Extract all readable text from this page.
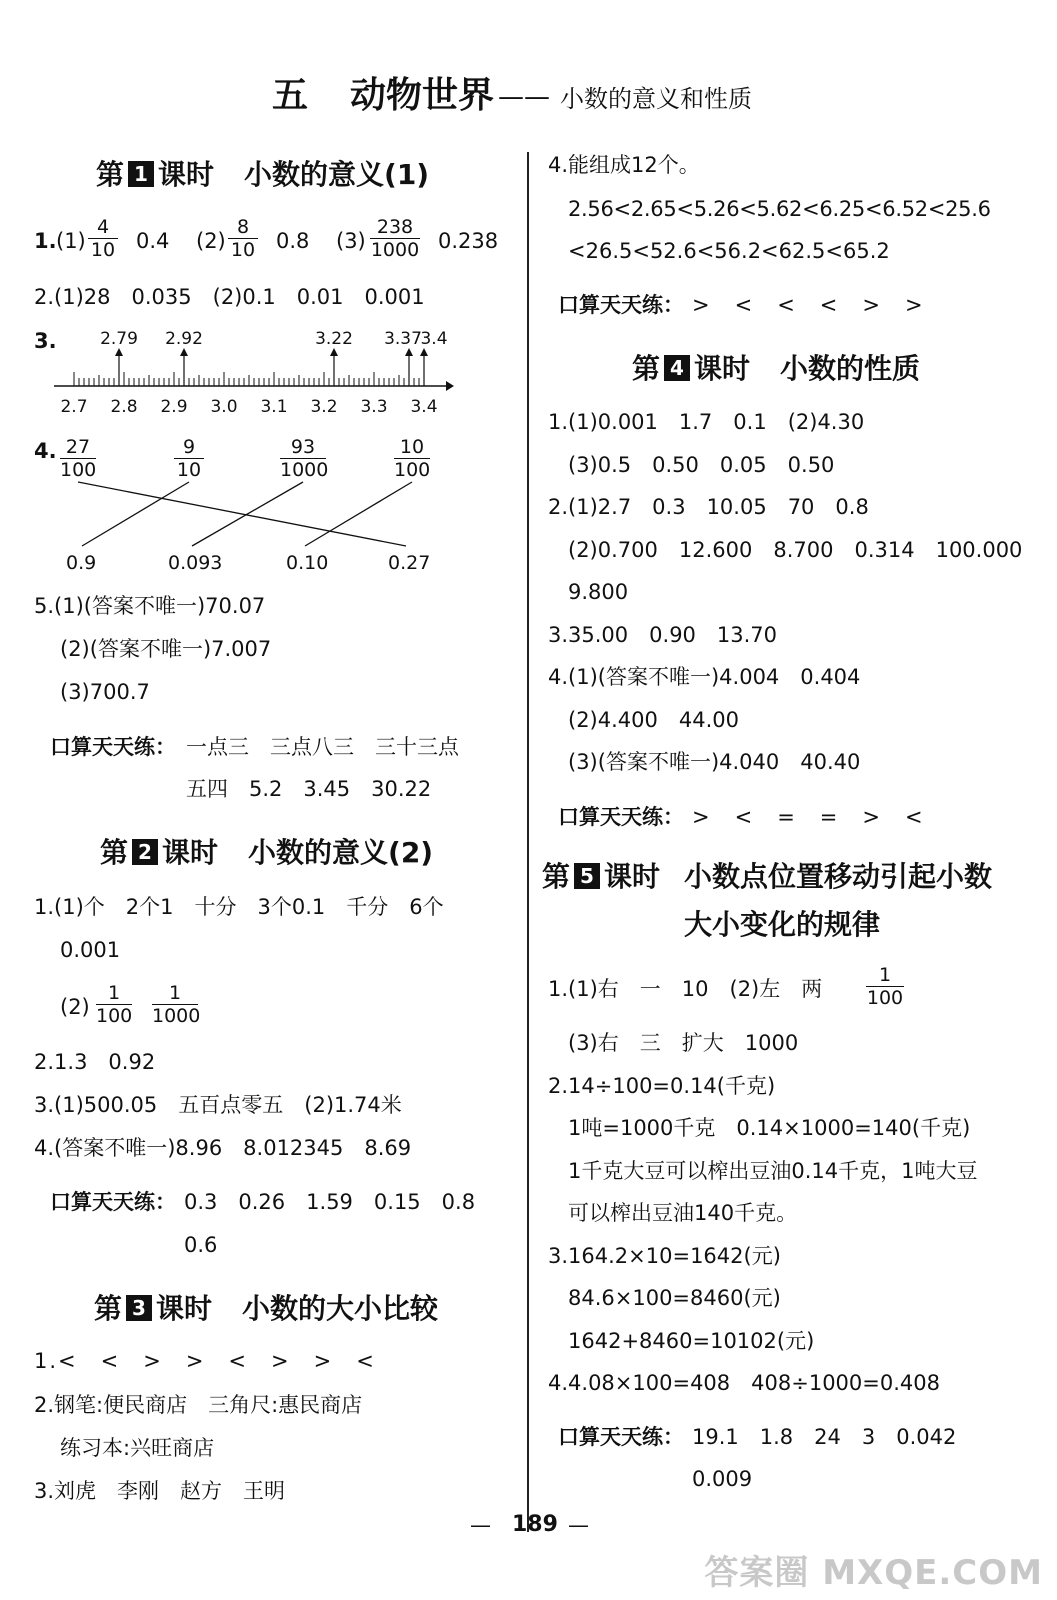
五 动物世界 —— 小数的意义和性质
第 1 课时 小数的意义(1)
1. (1)
4
10 0.4 (2)
8
10 0.8 (3)
238
1000 0.238
2.(1)28　0.035　(2)0.1　0.01　0.001
3.
2.7 2.8 2.9 3.0 3.1 3.2 3.3 3.4
2.79 2.92	3.22 3.37
3.4
4. 27
100
9
10
93
1000
10
100
0.9	0.093	0.10	0.27
5.(1)(答案不唯一)70.07
(2)(答案不唯一)7.007
(3)700.7
口算天天练： 一点三　三点八三　三十三点
五四　5.2　3.45　30.22
第 2 课时 小数的意义(2)
1.(1)个　2个1　十分　3个0.1　千分　6个
0.001
(2)
1
100
1
1000
2.1.3　0.92
3.(1)500.05　五百点零五　(2)1.74米
4.(答案不唯一)8.96　8.012345　8.69
口算天天练： 0.3　0.26　1.59　0.15　0.8
0.6
第 3 课时 小数的大小比较
1.<　<　>　>　<　>　>　<
2.钢笔:便民商店　三角尺:惠民商店
练习本:兴旺商店
3.刘虎　李刚　赵方　王明
4.能组成12个。
2.56<2.65<5.26<5.62<6.25<6.52<25.6
<26.5<52.6<56.2<62.5<65.2
口算天天练： >　<　<　<　>　>
第 4 课时 小数的性质
1.(1)0.001　1.7　0.1　(2)4.30
(3)0.5　0.50　0.05　0.50
2.(1)2.7　0.3　10.05　70　0.8
(2)0.700　12.600　8.700　0.314　100.000
9.800
3.35.00　0.90　13.70
4.(1)(答案不唯一)4.004　0.404
(2)4.400　44.00
(3)(答案不唯一)4.040　40.40
口算天天练： >　<　=　=　>　<
第 5 课时 小数点位置移动引起小数
大小变化的规律
1.(1)右　一　10　(2)左　两
1
100
(3)右　三　扩大　1000
2.14÷100=0.14(千克)
1吨=1000千克　0.14×1000=140(千克)
1千克大豆可以榨出豆油0.14千克，1吨大豆
可以榨出豆油140千克。
3.164.2×10=1642(元)
84.6×100=8460(元)
1642+8460=10102(元)
4.4.08×100=408　408÷1000=0.408
口算天天练： 19.1　1.8　24　3　0.042
0.009
— 189 —
答案圈 MXQE.COM
